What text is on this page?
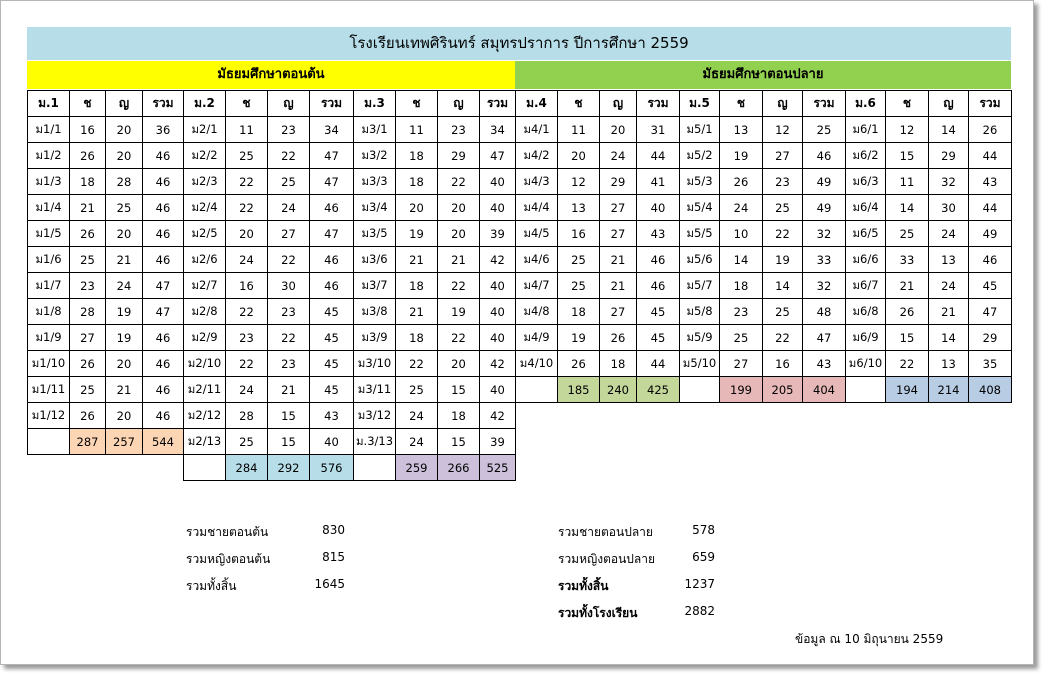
โรงเรียนเทพศิรินทร์ สมุทรปราการ ปีการศึกษา 2559
มัธยมศึกษาตอนต้น	มัธยมศึกษาตอนปลาย
ม.1	ช	ญ	รวม	ม.2	ช	ญ	รวม	ม.3	ช	ญ	รวม
ม1/1	16	20	36	ม2/1	11	23	34	ม3/1	11	23	34
ม1/2	26	20	46	ม2/2	25	22	47	ม3/2	18	29	47
ม1/3	18	28	46	ม2/3	22	25	47	ม3/3	18	22	40
ม1/4	21	25	46	ม2/4	22	24	46	ม3/4	20	20	40
ม1/5	26	20	46	ม2/5	20	27	47	ม3/5	19	20	39
ม1/6	25	21	46	ม2/6	24	22	46	ม3/6	21	21	42
ม1/7	23	24	47	ม2/7	16	30	46	ม3/7	18	22	40
ม1/8	28	19	47	ม2/8	22	23	45	ม3/8	21	19	40
ม1/9	27	19	46	ม2/9	23	22	45	ม3/9	18	22	40
ม1/10	26	20	46	ม2/10	22	23	45	ม3/10	22	20	42
ม1/11	25	21	46	ม2/11	24	21	45	ม3/11	25	15	40
ม1/12	26	20	46	ม2/12	28	15	43	ม3/12	24	18	42
	287	257	544	ม2/13	25	15	40	ม.3/13	24	15	39
					284	292	576		259	266	525
ม.4	ช	ญ	รวม	ม.5	ช	ญ	รวม	ม.6	ช	ญ	รวม
ม4/1	11	20	31	ม5/1	13	12	25	ม6/1	12	14	26
ม4/2	20	24	44	ม5/2	19	27	46	ม6/2	15	29	44
ม4/3	12	29	41	ม5/3	26	23	49	ม6/3	11	32	43
ม4/4	13	27	40	ม5/4	24	25	49	ม6/4	14	30	44
ม4/5	16	27	43	ม5/5	10	22	32	ม6/5	25	24	49
ม4/6	25	21	46	ม5/6	14	19	33	ม6/6	33	13	46
ม4/7	25	21	46	ม5/7	18	14	32	ม6/7	21	24	45
ม4/8	18	27	45	ม5/8	23	25	48	ม6/8	26	21	47
ม4/9	19	26	45	ม5/9	25	22	47	ม6/9	15	14	29
ม4/10	26	18	44	ม5/10	27	16	43	ม6/10	22	13	35
	185	240	425		199	205	404		194	214	408
รวมชายตอนต้น	830
รวมหญิงตอนต้น	815
รวมทั้งสิ้น	1645
รวมชายตอนปลาย	578
รวมหญิงตอนปลาย	659
รวมทั้งสิ้น	1237
รวมทั้งโรงเรียน	2882
ข้อมูล ณ 10 มิถุนายน 2559
